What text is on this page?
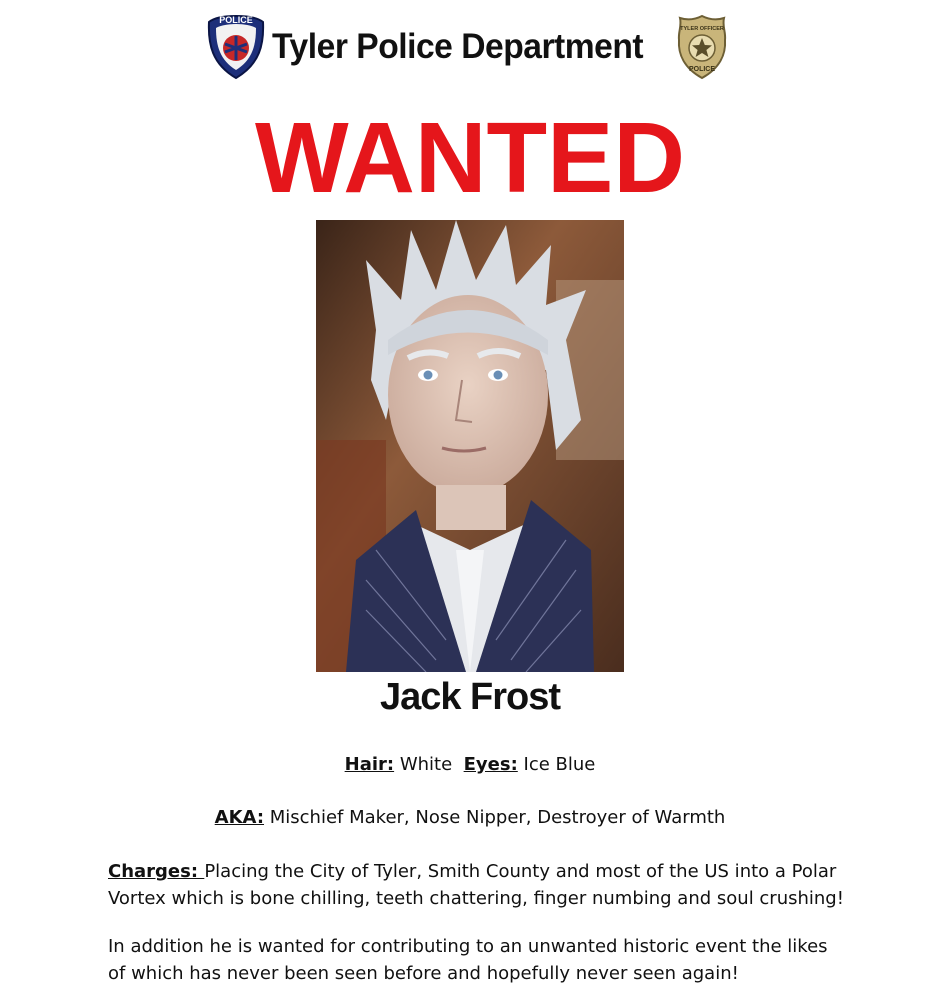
POLICE
Tyler Police Department	TYLER OFFICER
POLICE
WANTED
Jack Frost
Hair: White Eyes: Ice Blue
AKA: Mischief Maker, Nose Nipper, Destroyer of Warmth
Charges: Placing the City of Tyler, Smith County and most of the US into a Polar Vortex which is bone chilling, teeth chattering, finger numbing and soul crushing!
In addition he is wanted for contributing to an unwanted historic event the likes of which has never been seen before and hopefully never seen again!
